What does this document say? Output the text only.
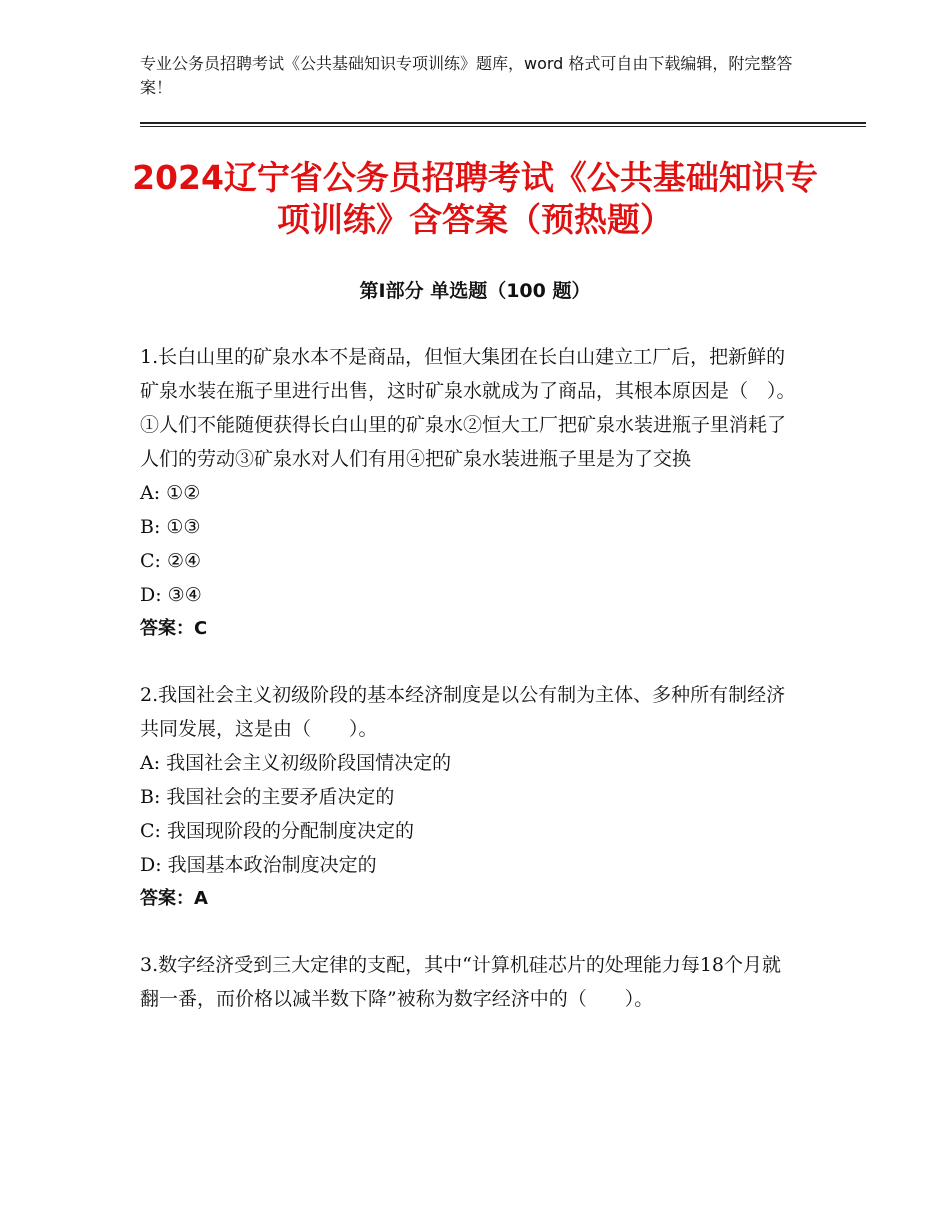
专业公务员招聘考试《公共基础知识专项训练》题库，word 格式可自由下载编辑，附完整答案！
2024辽宁省公务员招聘考试《公共基础知识专项训练》含答案（预热题）
第Ⅰ部分 单选题（100 题）

1.长白山里的矿泉水本不是商品，但恒大集团在长白山建立工厂后，把新鲜的矿泉水装在瓶子里进行出售，这时矿泉水就成为了商品，其根本原因是（　）。①人们不能随便获得长白山里的矿泉水②恒大工厂把矿泉水装进瓶子里消耗了人们的劳动③矿泉水对人们有用④把矿泉水装进瓶子里是为了交换

A: ①②

B: ①③

C: ②④

D: ③④

答案：C

2.我国社会主义初级阶段的基本经济制度是以公有制为主体、多种所有制经济共同发展，这是由（　　）。

A: 我国社会主义初级阶段国情决定的

B: 我国社会的主要矛盾决定的

C: 我国现阶段的分配制度决定的

D: 我国基本政治制度决定的

答案：A

3.数字经济受到三大定律的支配，其中“计算机硅芯片的处理能力每18个月就翻一番，而价格以减半数下降”被称为数字经济中的（　　）。
